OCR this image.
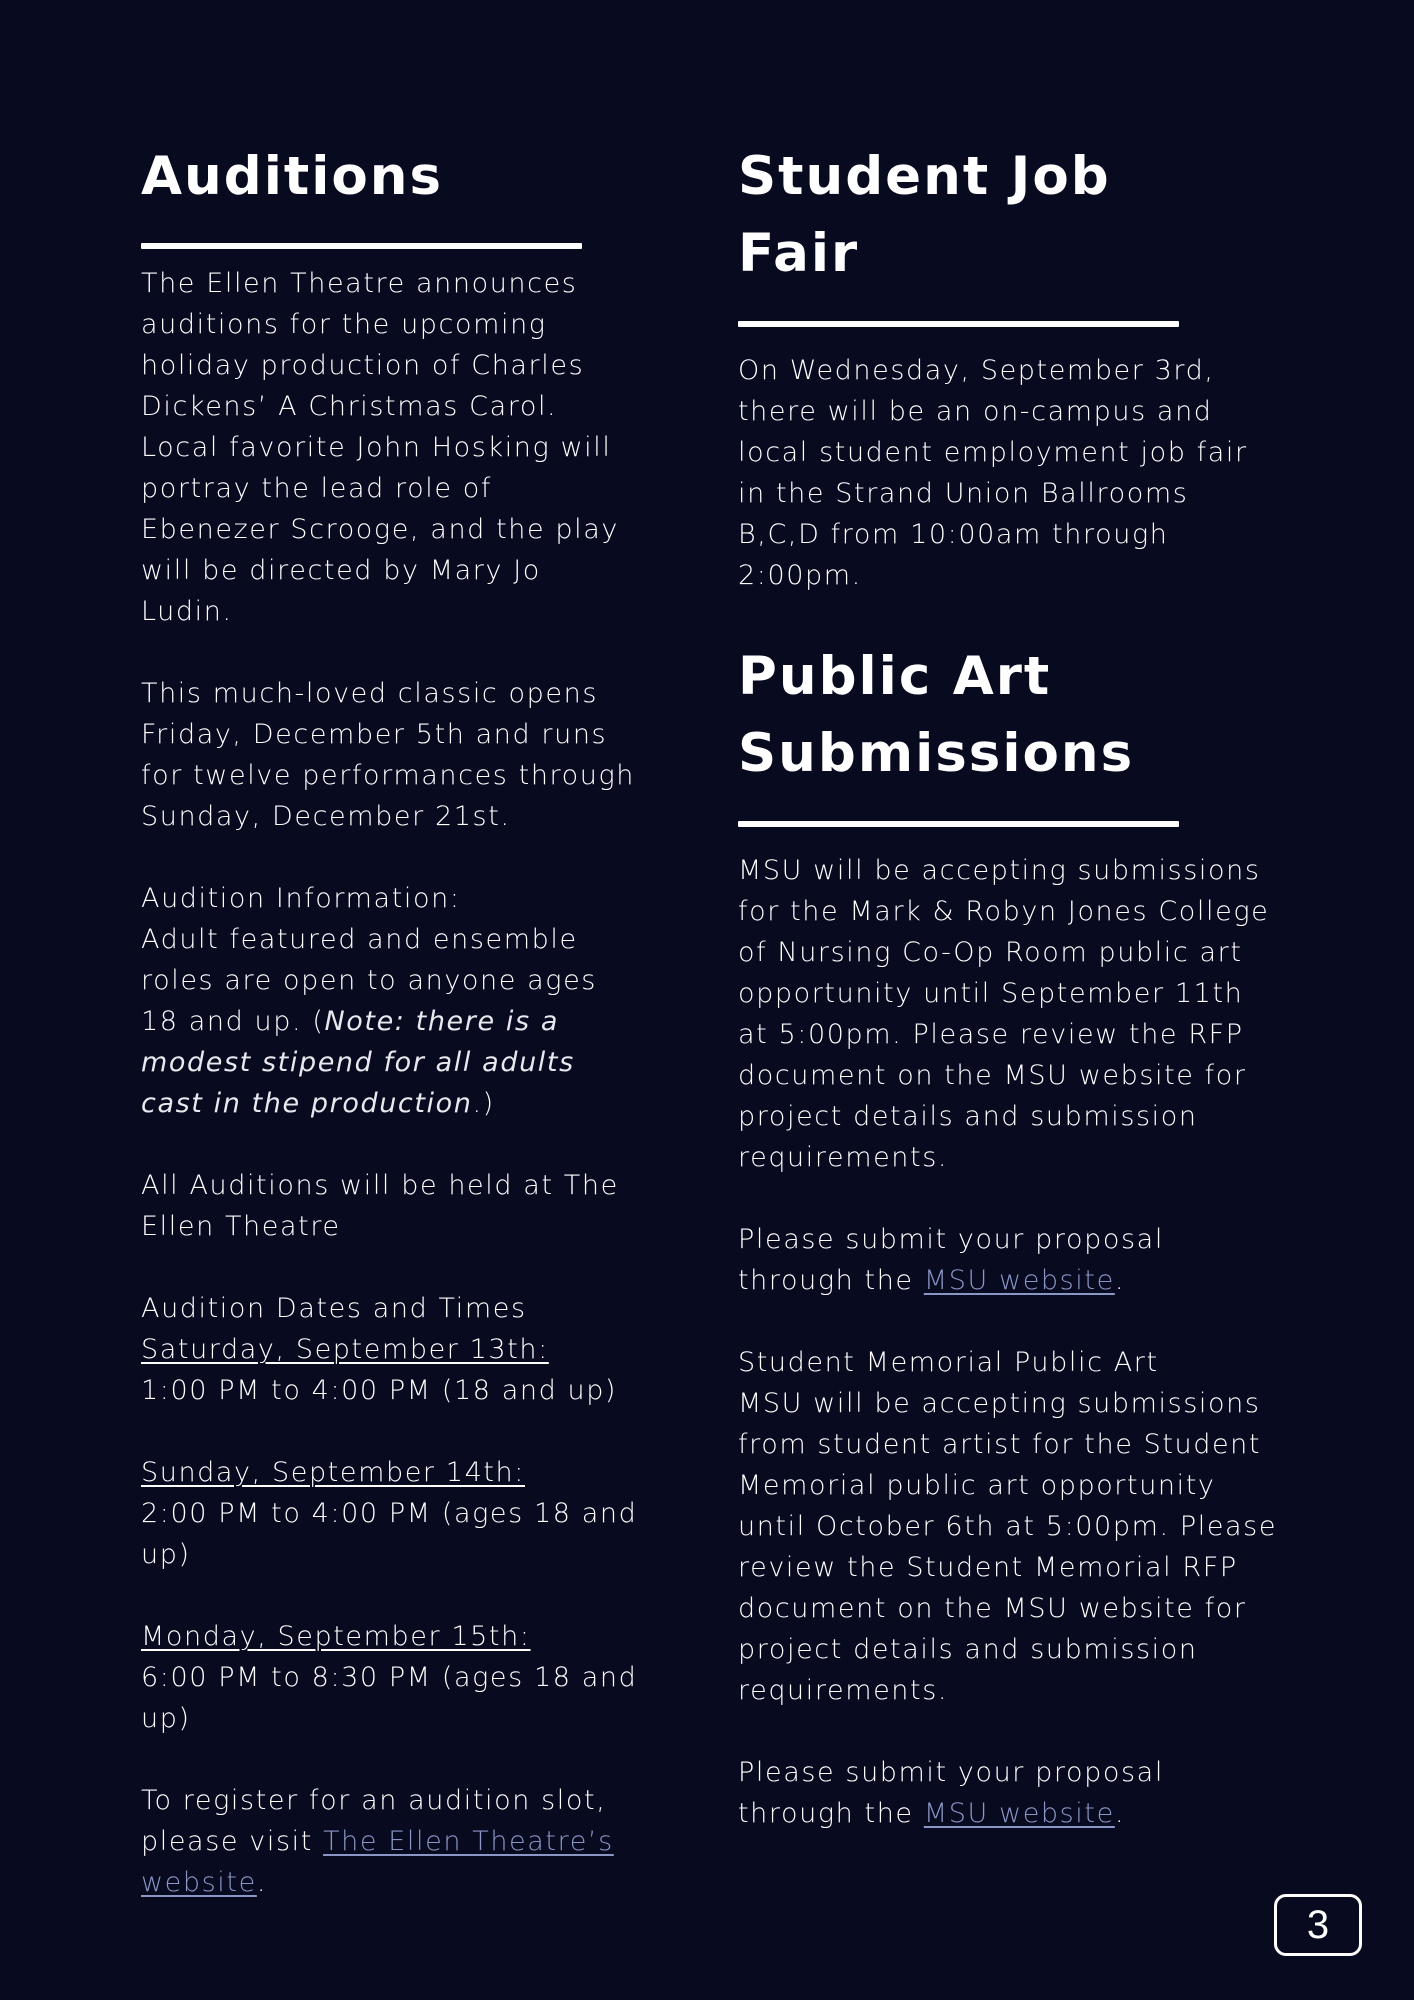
Auditions

The Ellen Theatre announces auditions for the upcoming holiday production of Charles Dickens’ A Christmas Carol. Local favorite John Hosking will portray the lead role of Ebenezer Scrooge, and the play will be directed by Mary Jo Ludin.

This much-loved classic opens Friday, December 5th and runs for twelve performances through Sunday, December 21st.

Audition Information:

Adult featured and ensemble roles are open to anyone ages 18 and up. (Note: there is a modest stipend for all adults cast in the production.)

All Auditions will be held at The Ellen Theatre

Audition Dates and Times

Saturday, September 13th:

1:00 PM to 4:00 PM (18 and up)

Sunday, September 14th:

2:00 PM to 4:00 PM (ages 18 and up)

Monday, September 15th:

6:00 PM to 8:30 PM (ages 18 and up)

To register for an audition slot, please visit The Ellen Theatre’s website.

Student Job
Fair

On Wednesday, September 3rd, there will be an on-campus and local student employment job fair in the Strand Union Ballrooms B,C,D from 10:00am through 2:00pm.

Public Art
Submissions

MSU will be accepting submissions for the Mark & Robyn Jones College of Nursing Co-Op Room public art opportunity until September 11th at 5:00pm. Please review the RFP document on the MSU website for project details and submission requirements.

Please submit your proposal through the MSU website.

Student Memorial Public Art

MSU will be accepting submissions from student artist for the Student Memorial public art opportunity until October 6th at 5:00pm. Please review the Student Memorial RFP document on the MSU website for project details and submission requirements.

Please submit your proposal through the MSU website.

3
